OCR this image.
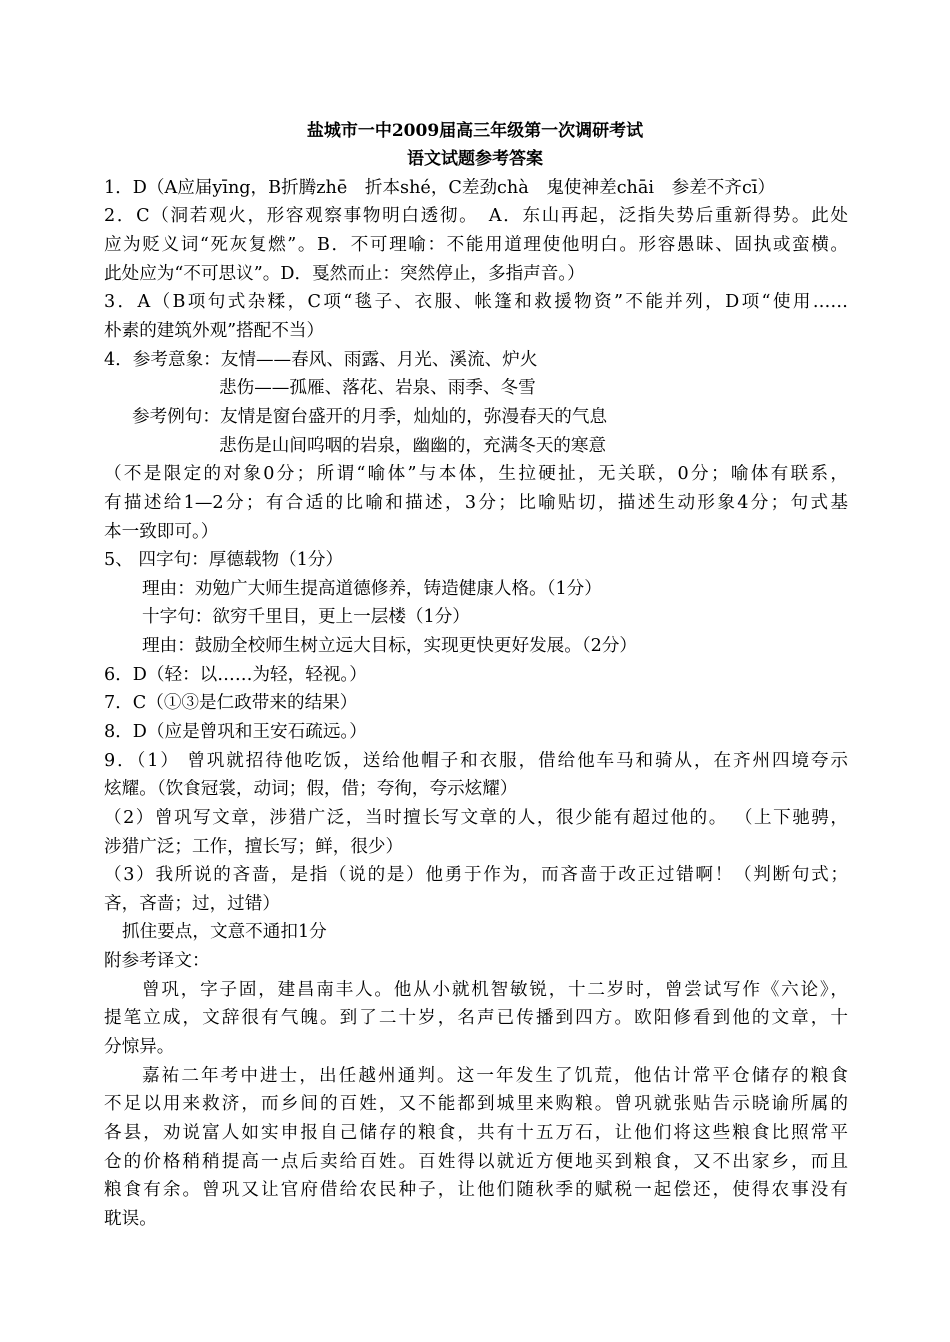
盐城市一中2009届高三年级第一次调研考试
语文试题参考答案
1．D（A应届yīng，B折腾zhē　折本shé，C差劲chà　鬼使神差chāi　参差不齐cī）
2．C（洞若观火，形容观察事物明白透彻。　A．东山再起，泛指失势后重新得势。此处
应为贬义词“死灰复燃”。B．不可理喻：不能用道理使他明白。形容愚昧、固执或蛮横。
此处应为“不可思议”。D．戛然而止：突然停止，多指声音。）
3．A（B项句式杂糅，C项“毯子、衣服、帐篷和救援物资”不能并列，D项“使用……
朴素的建筑外观”搭配不当）
4．参考意象：友情——春风、雨露、月光、溪流、炉火
悲伤——孤雁、落花、岩泉、雨季、冬雪
参考例句：友情是窗台盛开的月季，灿灿的，弥漫春天的气息
悲伤是山间呜咽的岩泉，幽幽的，充满冬天的寒意
（不是限定的对象0分；所谓“喻体”与本体，生拉硬扯，无关联，0分；喻体有联系，
有描述给1—2分；有合适的比喻和描述，3分；比喻贴切，描述生动形象4分；句式基
本一致即可。）
5、 四字句：厚德载物（1分）
理由：劝勉广大师生提高道德修养，铸造健康人格。（1分）
十字句：欲穷千里目，更上一层楼（1分）
理由：鼓励全校师生树立远大目标，实现更快更好发展。（2分）
6．D（轻：以……为轻，轻视。）
7．C（①③是仁政带来的结果）
8．D（应是曾巩和王安石疏远。）
9．（1） 曾巩就招待他吃饭，送给他帽子和衣服，借给他车马和骑从，在齐州四境夸示
炫耀。（饮食冠裳，动词；假，借；夸徇，夸示炫耀）
（2）曾巩写文章，涉猎广泛，当时擅长写文章的人，很少能有超过他的。 （上下驰骋，
涉猎广泛；工作，擅长写；鲜，很少）
（3）我所说的吝啬，是指（说的是）他勇于作为，而吝啬于改正过错啊！（判断句式；
吝，吝啬；过，过错）
抓住要点，文意不通扣1分
附参考译文：
曾巩，字子固，建昌南丰人。他从小就机智敏锐，十二岁时，曾尝试写作《六论》，
提笔立成，文辞很有气魄。到了二十岁，名声已传播到四方。欧阳修看到他的文章，十
分惊异。
嘉祐二年考中进士，出任越州通判。这一年发生了饥荒，他估计常平仓储存的粮食
不足以用来救济，而乡间的百姓，又不能都到城里来购粮。曾巩就张贴告示晓谕所属的
各县，劝说富人如实申报自己储存的粮食，共有十五万石，让他们将这些粮食比照常平
仓的价格稍稍提高一点后卖给百姓。百姓得以就近方便地买到粮食，又不出家乡，而且
粮食有余。曾巩又让官府借给农民种子，让他们随秋季的赋税一起偿还，使得农事没有
耽误。
